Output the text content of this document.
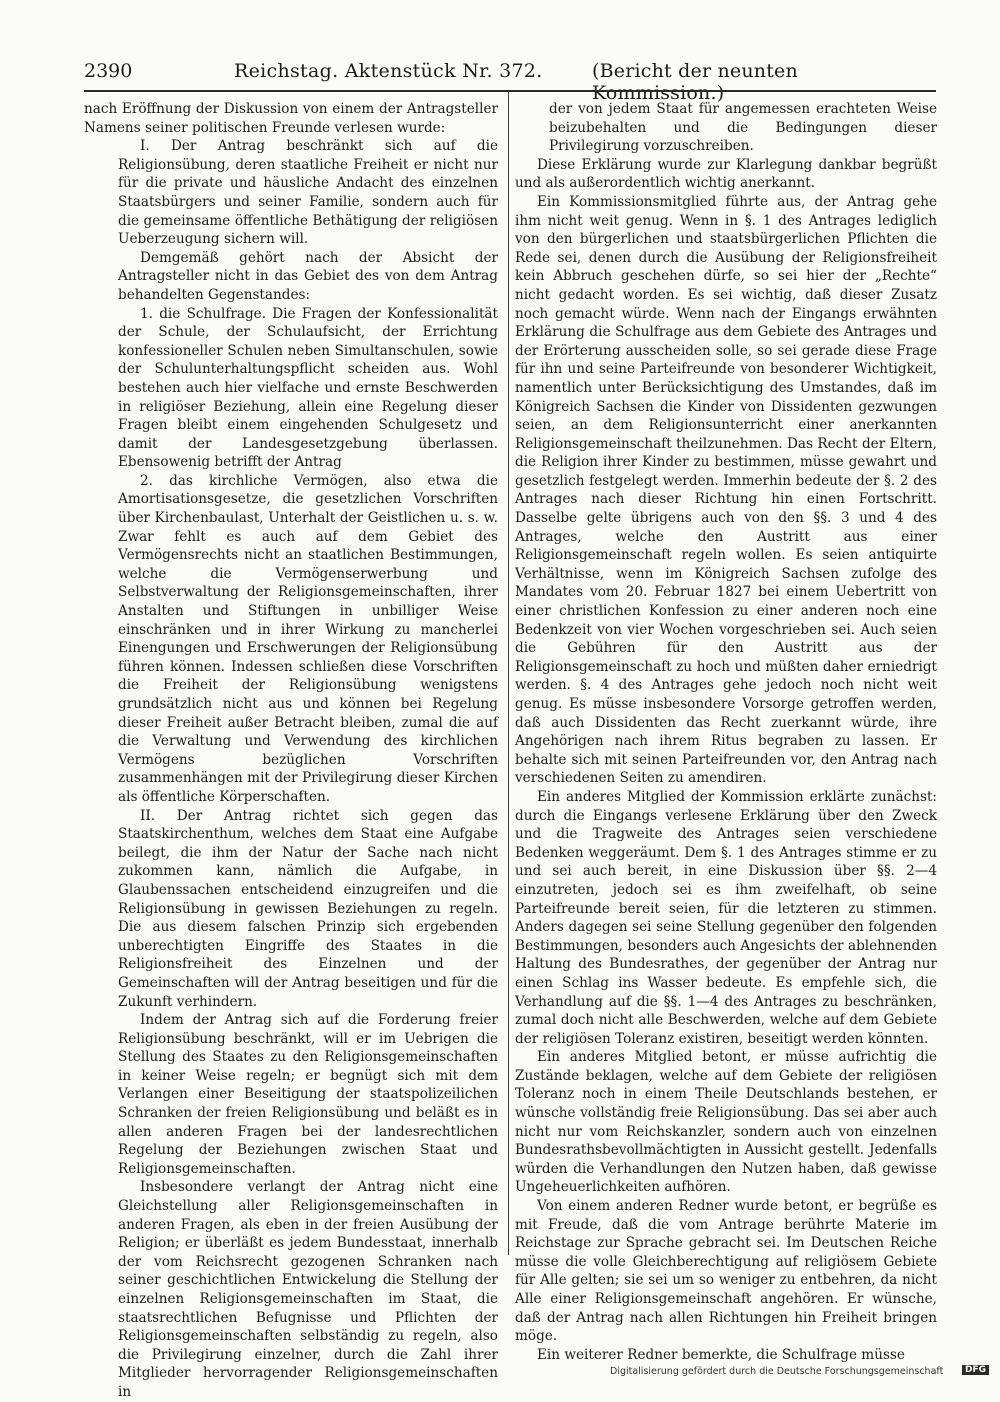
2390	Reichstag. Aktenstück Nr. 372.	(Bericht der neunten Kommission.)

nach Eröffnung der Diskussion von einem der Antragsteller Namens seiner politischen Freunde verlesen wurde:

I. Der Antrag beschränkt sich auf die Religionsübung, deren staatliche Freiheit er nicht nur für die private und häusliche Andacht des einzelnen Staatsbürgers und seiner Familie, sondern auch für die gemeinsame öffentliche Bethätigung der religiösen Ueberzeugung sichern will.

Demgemäß gehört nach der Absicht der Antragsteller nicht in das Gebiet des von dem Antrag behandelten Gegenstandes:

1. die Schulfrage. Die Fragen der Konfessionalität der Schule, der Schulaufsicht, der Errichtung konfessioneller Schulen neben Simultanschulen, sowie der Schulunterhaltungspflicht scheiden aus. Wohl bestehen auch hier vielfache und ernste Beschwerden in religiöser Beziehung, allein eine Regelung dieser Fragen bleibt einem eingehenden Schulgesetz und damit der Landesgesetzgebung überlassen. Ebensowenig betrifft der Antrag

2. das kirchliche Vermögen, also etwa die Amortisationsgesetze, die gesetzlichen Vorschriften über Kirchenbaulast, Unterhalt der Geistlichen u. s. w. Zwar fehlt es auch auf dem Gebiet des Vermögensrechts nicht an staatlichen Bestimmungen, welche die Vermögenserwerbung und Selbstverwaltung der Religionsgemeinschaften, ihrer Anstalten und Stiftungen in unbilliger Weise einschränken und in ihrer Wirkung zu mancherlei Einengungen und Erschwerungen der Religionsübung führen können. Indessen schließen diese Vorschriften die Freiheit der Religionsübung wenigstens grundsätzlich nicht aus und können bei Regelung dieser Freiheit außer Betracht bleiben, zumal die auf die Verwaltung und Verwendung des kirchlichen Vermögens bezüglichen Vorschriften zusammenhängen mit der Privilegirung dieser Kirchen als öffentliche Körperschaften.

II. Der Antrag richtet sich gegen das Staatskirchenthum, welches dem Staat eine Aufgabe beilegt, die ihm der Natur der Sache nach nicht zukommen kann, nämlich die Aufgabe, in Glaubenssachen entscheidend einzugreifen und die Religionsübung in gewissen Beziehungen zu regeln. Die aus diesem falschen Prinzip sich ergebenden unberechtigten Eingriffe des Staates in die Religionsfreiheit des Einzelnen und der Gemeinschaften will der Antrag beseitigen und für die Zukunft verhindern.

Indem der Antrag sich auf die Forderung freier Religionsübung beschränkt, will er im Uebrigen die Stellung des Staates zu den Religionsgemeinschaften in keiner Weise regeln; er begnügt sich mit dem Verlangen einer Beseitigung der staatspolizeilichen Schranken der freien Religionsübung und beläßt es in allen anderen Fragen bei der landesrechtlichen Regelung der Beziehungen zwischen Staat und Religionsgemeinschaften.

Insbesondere verlangt der Antrag nicht eine Gleichstellung aller Religionsgemeinschaften in anderen Fragen, als eben in der freien Ausübung der Religion; er überläßt es jedem Bundesstaat, innerhalb der vom Reichsrecht gezogenen Schranken nach seiner geschichtlichen Entwickelung die Stellung der einzelnen Religionsgemeinschaften im Staat, die staatsrechtlichen Befugnisse und Pflichten der Religionsgemeinschaften selbständig zu regeln, also die Privilegirung einzelner, durch die Zahl ihrer Mitglieder hervorragender Religionsgemeinschaften in

der von jedem Staat für angemessen erachteten Weise beizubehalten und die Bedingungen dieser Privilegirung vorzuschreiben.

Diese Erklärung wurde zur Klarlegung dankbar begrüßt und als außerordentlich wichtig anerkannt.

Ein Kommissionsmitglied führte aus, der Antrag gehe ihm nicht weit genug. Wenn in §. 1 des Antrages lediglich von den bürgerlichen und staatsbürgerlichen Pflichten die Rede sei, denen durch die Ausübung der Religionsfreiheit kein Abbruch geschehen dürfe, so sei hier der „Rechte“ nicht gedacht worden. Es sei wichtig, daß dieser Zusatz noch gemacht würde. Wenn nach der Eingangs erwähnten Erklärung die Schulfrage aus dem Gebiete des Antrages und der Erörterung ausscheiden solle, so sei gerade diese Frage für ihn und seine Parteifreunde von besonderer Wichtigkeit, namentlich unter Berücksichtigung des Umstandes, daß im Königreich Sachsen die Kinder von Dissidenten gezwungen seien, an dem Religionsunterricht einer anerkannten Religionsgemeinschaft theilzunehmen. Das Recht der Eltern, die Religion ihrer Kinder zu bestimmen, müsse gewahrt und gesetzlich festgelegt werden. Immerhin bedeute der §. 2 des Antrages nach dieser Richtung hin einen Fortschritt. Dasselbe gelte übrigens auch von den §§. 3 und 4 des Antrages, welche den Austritt aus einer Religionsgemeinschaft regeln wollen. Es seien antiquirte Verhältnisse, wenn im Königreich Sachsen zufolge des Mandates vom 20. Februar 1827 bei einem Uebertritt von einer christlichen Konfession zu einer anderen noch eine Bedenkzeit von vier Wochen vorgeschrieben sei. Auch seien die Gebühren für den Austritt aus der Religionsgemeinschaft zu hoch und müßten daher erniedrigt werden. §. 4 des Antrages gehe jedoch noch nicht weit genug. Es müsse insbesondere Vorsorge getroffen werden, daß auch Dissidenten das Recht zuerkannt würde, ihre Angehörigen nach ihrem Ritus begraben zu lassen. Er behalte sich mit seinen Parteifreunden vor, den Antrag nach verschiedenen Seiten zu amendiren.

Ein anderes Mitglied der Kommission erklärte zunächst: durch die Eingangs verlesene Erklärung über den Zweck und die Tragweite des Antrages seien verschiedene Bedenken weggeräumt. Dem §. 1 des Antrages stimme er zu und sei auch bereit, in eine Diskussion über §§. 2—4 einzutreten, jedoch sei es ihm zweifelhaft, ob seine Parteifreunde bereit seien, für die letzteren zu stimmen. Anders dagegen sei seine Stellung gegenüber den folgenden Bestimmungen, besonders auch Angesichts der ablehnenden Haltung des Bundesrathes, der gegenüber der Antrag nur einen Schlag ins Wasser bedeute. Es empfehle sich, die Verhandlung auf die §§. 1—4 des Antrages zu beschränken, zumal doch nicht alle Beschwerden, welche auf dem Gebiete der religiösen Toleranz existiren, beseitigt werden könnten.

Ein anderes Mitglied betont, er müsse aufrichtig die Zustände beklagen, welche auf dem Gebiete der religiösen Toleranz noch in einem Theile Deutschlands bestehen, er wünsche vollständig freie Religionsübung. Das sei aber auch nicht nur vom Reichskanzler, sondern auch von einzelnen Bundesrathsbevollmächtigten in Aussicht gestellt. Jedenfalls würden die Verhandlungen den Nutzen haben, daß gewisse Ungeheuerlichkeiten aufhören.

Von einem anderen Redner wurde betont, er begrüße es mit Freude, daß die vom Antrage berührte Materie im Reichstage zur Sprache gebracht sei. Im Deutschen Reiche müsse die volle Gleichberechtigung auf religiösem Gebiete für Alle gelten; sie sei um so weniger zu entbehren, da nicht Alle einer Religionsgemeinschaft angehören. Er wünsche, daß der Antrag nach allen Richtungen hin Freiheit bringen möge.

Ein weiterer Redner bemerkte, die Schulfrage müsse

Digitalisierung gefördert durch die Deutsche Forschungsgemeinschaft	DFG
